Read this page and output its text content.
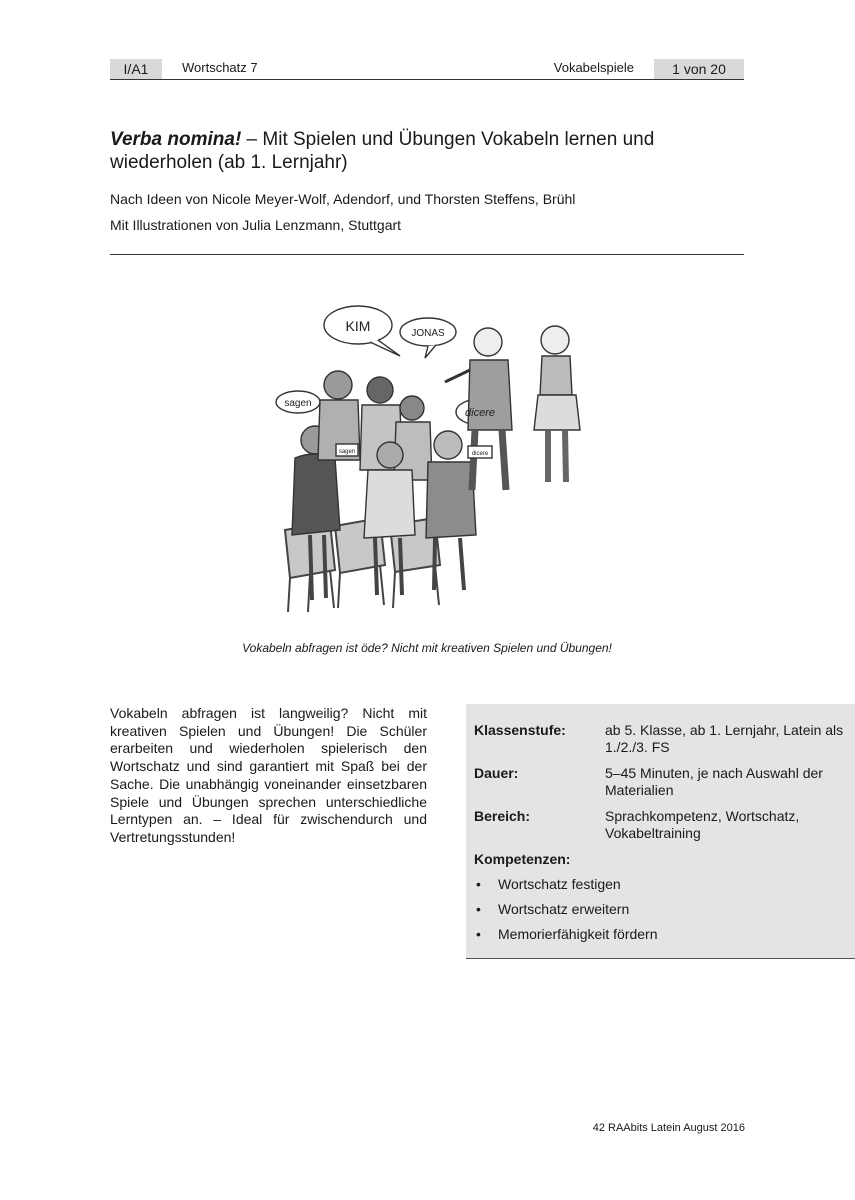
I/A1	Wortschatz 7	Vokabelspiele	1 von 20
Verba nomina! – Mit Spielen und Übungen Vokabeln lernen und wiederholen (ab 1. Lernjahr)
Nach Ideen von Nicole Meyer-Wolf, Adendorf, und Thorsten Steffens, Brühl
Mit Illustrationen von Julia Lenzmann, Stuttgart
KIM	JONAS
sagen
dicere
sagen	dicere
Vokabeln abfragen ist öde? Nicht mit kreativen Spielen und Übungen!
Vokabeln abfragen ist langweilig? Nicht mit kreativen Spielen und Übungen! Die Schüler erarbeiten und wiederholen spielerisch den Wortschatz und sind garantiert mit Spaß bei der Sache. Die unabhängig voneinander einsetzbaren Spiele und Übungen sprechen unterschiedliche Lerntypen an. – Ideal für zwischendurch und Vertretungsstunden!
Klassenstufe:	ab 5. Klasse, ab 1. Lernjahr, Latein als 1./2./3. FS
Dauer:	5–45 Minuten, je nach Auswahl der Materialien
Bereich:	Sprachkompetenz, Wortschatz, Vokabeltraining
Kompetenzen:
• Wortschatz festigen
• Wortschatz erweitern
• Memorierfähigkeit fördern
42 RAAbits Latein August 2016
